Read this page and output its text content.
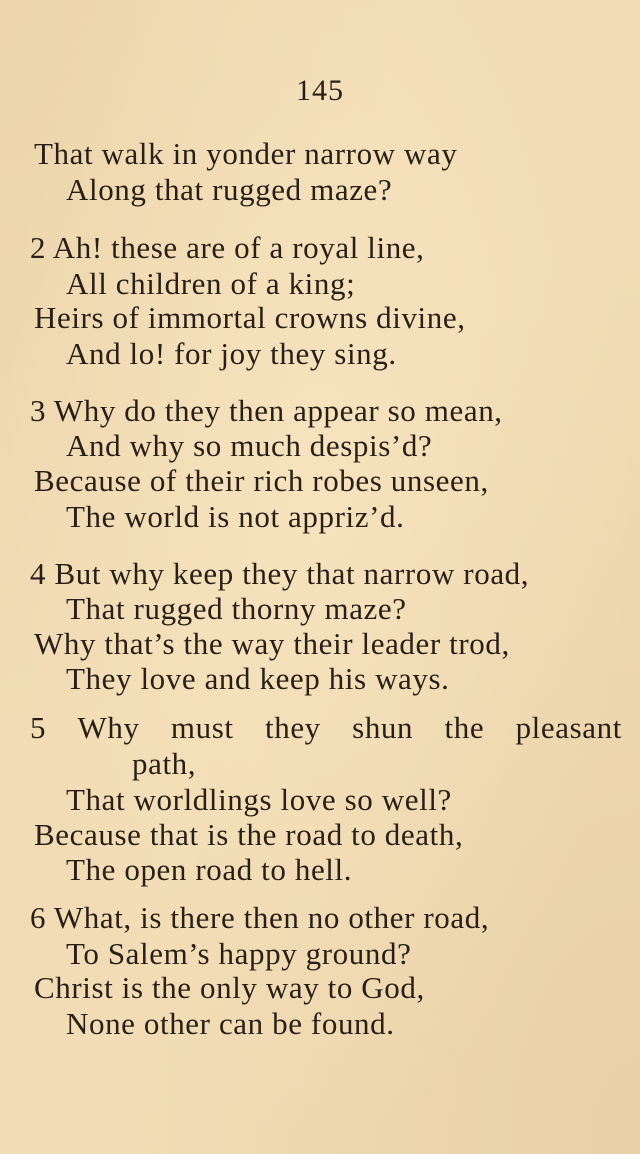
145
That walk in yonder narrow way
Along that rugged maze?
2 Ah! these are of a royal line,
All children of a king;
Heirs of immortal crowns divine,
And lo! for joy they sing.
3 Why do they then appear so mean,
And why so much despis’d?
Because of their rich robes unseen,
The world is not appriz’d.
4 But why keep they that narrow road,
That rugged thorny maze?
Why that’s the way their leader trod,
They love and keep his ways.
5 Why must they shun the pleasant
path,
That worldlings love so well?
Because that is the road to death,
The open road to hell.
6 What, is there then no other road,
To Salem’s happy ground?
Christ is the only way to God,
None other can be found.
